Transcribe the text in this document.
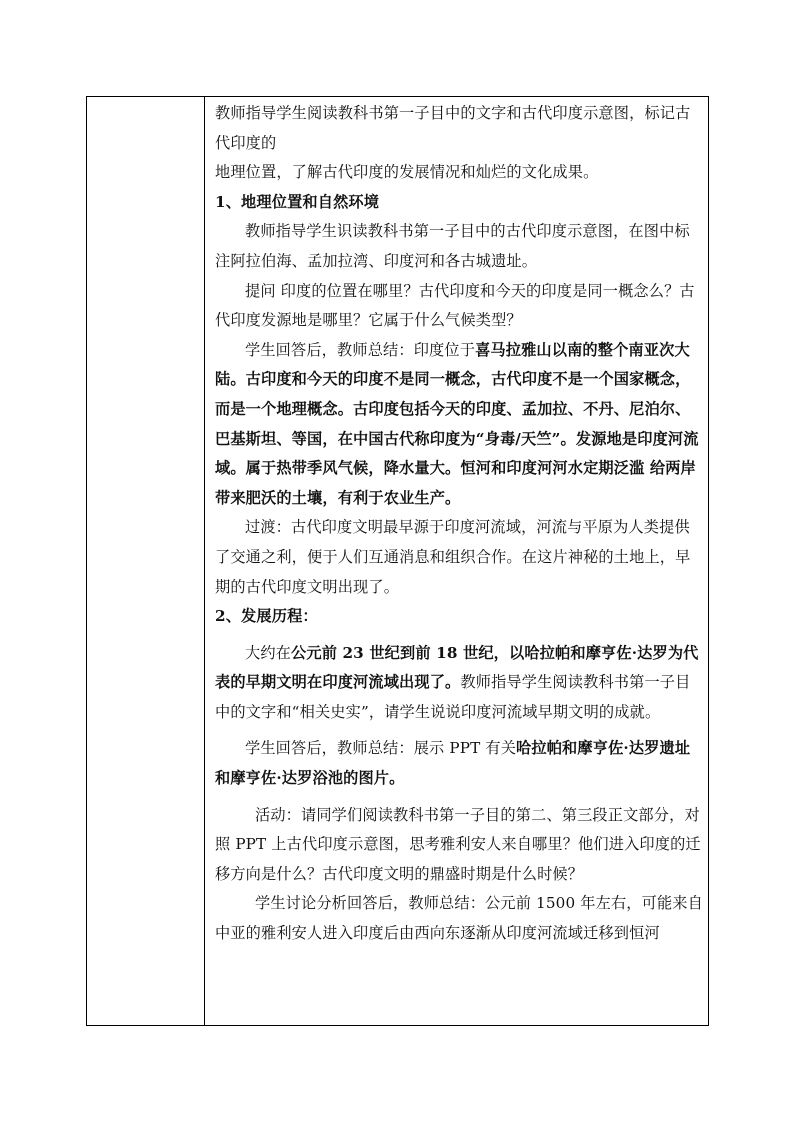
教师指导学生阅读教科书第一子目中的文字和古代印度示意图，标记古代印度的

地理位置，了解古代印度的发展情况和灿烂的文化成果。

1、地理位置和自然环境

教师指导学生识读教科书第一子目中的古代印度示意图，在图中标注阿拉伯海、孟加拉湾、印度河和各古城遗址。

提问 印度的位置在哪里？古代印度和今天的印度是同一概念么？古代印度发源地是哪里？它属于什么气候类型？

学生回答后，教师总结：印度位于喜马拉雅山以南的整个南亚次大陆。古印度和今天的印度不是同一概念，古代印度不是一个国家概念，而是一个地理概念。古印度包括今天的印度、孟加拉、不丹、尼泊尔、巴基斯坦、等国，在中国古代称印度为“身毒/天竺”。发源地是印度河流域。属于热带季风气候，降水量大。恒河和印度河河水定期泛滥 给两岸带来肥沃的土壤，有利于农业生产。

过渡：古代印度文明最早源于印度河流域，河流与平原为人类提供了交通之利，便于人们互通消息和组织合作。在这片神秘的土地上，早期的古代印度文明出现了。

2、发展历程：

大约在公元前 23 世纪到前 18 世纪，以哈拉帕和摩亨佐·达罗为代表的早期文明在印度河流域出现了。教师指导学生阅读教科书第一子目中的文字和“相关史实”，请学生说说印度河流域早期文明的成就。

学生回答后，教师总结：展示 PPT 有关哈拉帕和摩亨佐·达罗遗址和摩亨佐·达罗浴池的图片。

活动：请同学们阅读教科书第一子目的第二、第三段正文部分，对照 PPT 上古代印度示意图，思考雅利安人来自哪里？他们进入印度的迁移方向是什么？古代印度文明的鼎盛时期是什么时候？

学生讨论分析回答后，教师总结：公元前 1500 年左右，可能来自中亚的雅利安人进入印度后由西向东逐渐从印度河流域迁移到恒河
